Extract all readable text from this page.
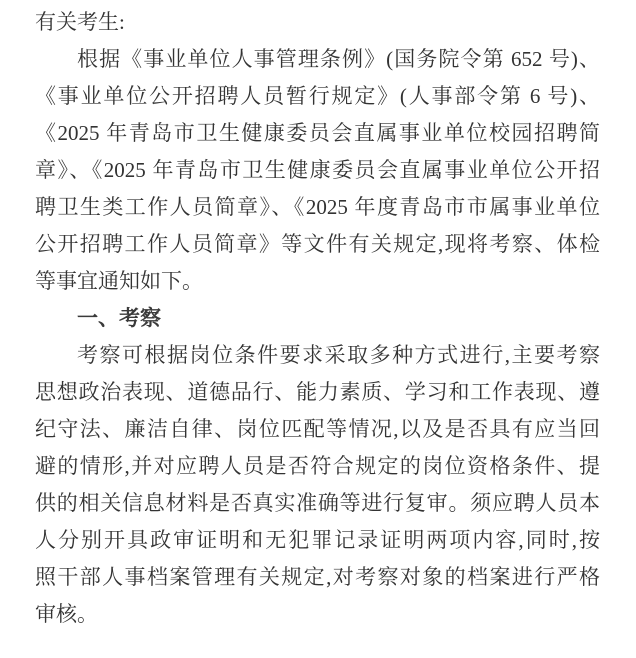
有关考生:
根据《事业单位人事管理条例》(国务院令第 652 号)、
《事业单位公开招聘人员暂行规定》(人事部令第 6 号)、
《2025 年青岛市卫生健康委员会直属事业单位校园招聘简
章》、《2025 年青岛市卫生健康委员会直属事业单位公开招
聘卫生类工作人员简章》、《2025 年度青岛市市属事业单位
公开招聘工作人员简章》等文件有关规定,现将考察、体检
等事宜通知如下。
一、考察
考察可根据岗位条件要求采取多种方式进行,主要考察
思想政治表现、道德品行、能力素质、学习和工作表现、遵
纪守法、廉洁自律、岗位匹配等情况,以及是否具有应当回
避的情形,并对应聘人员是否符合规定的岗位资格条件、提
供的相关信息材料是否真实准确等进行复审。须应聘人员本
人分别开具政审证明和无犯罪记录证明两项内容,同时,按
照干部人事档案管理有关规定,对考察对象的档案进行严格
审核。
